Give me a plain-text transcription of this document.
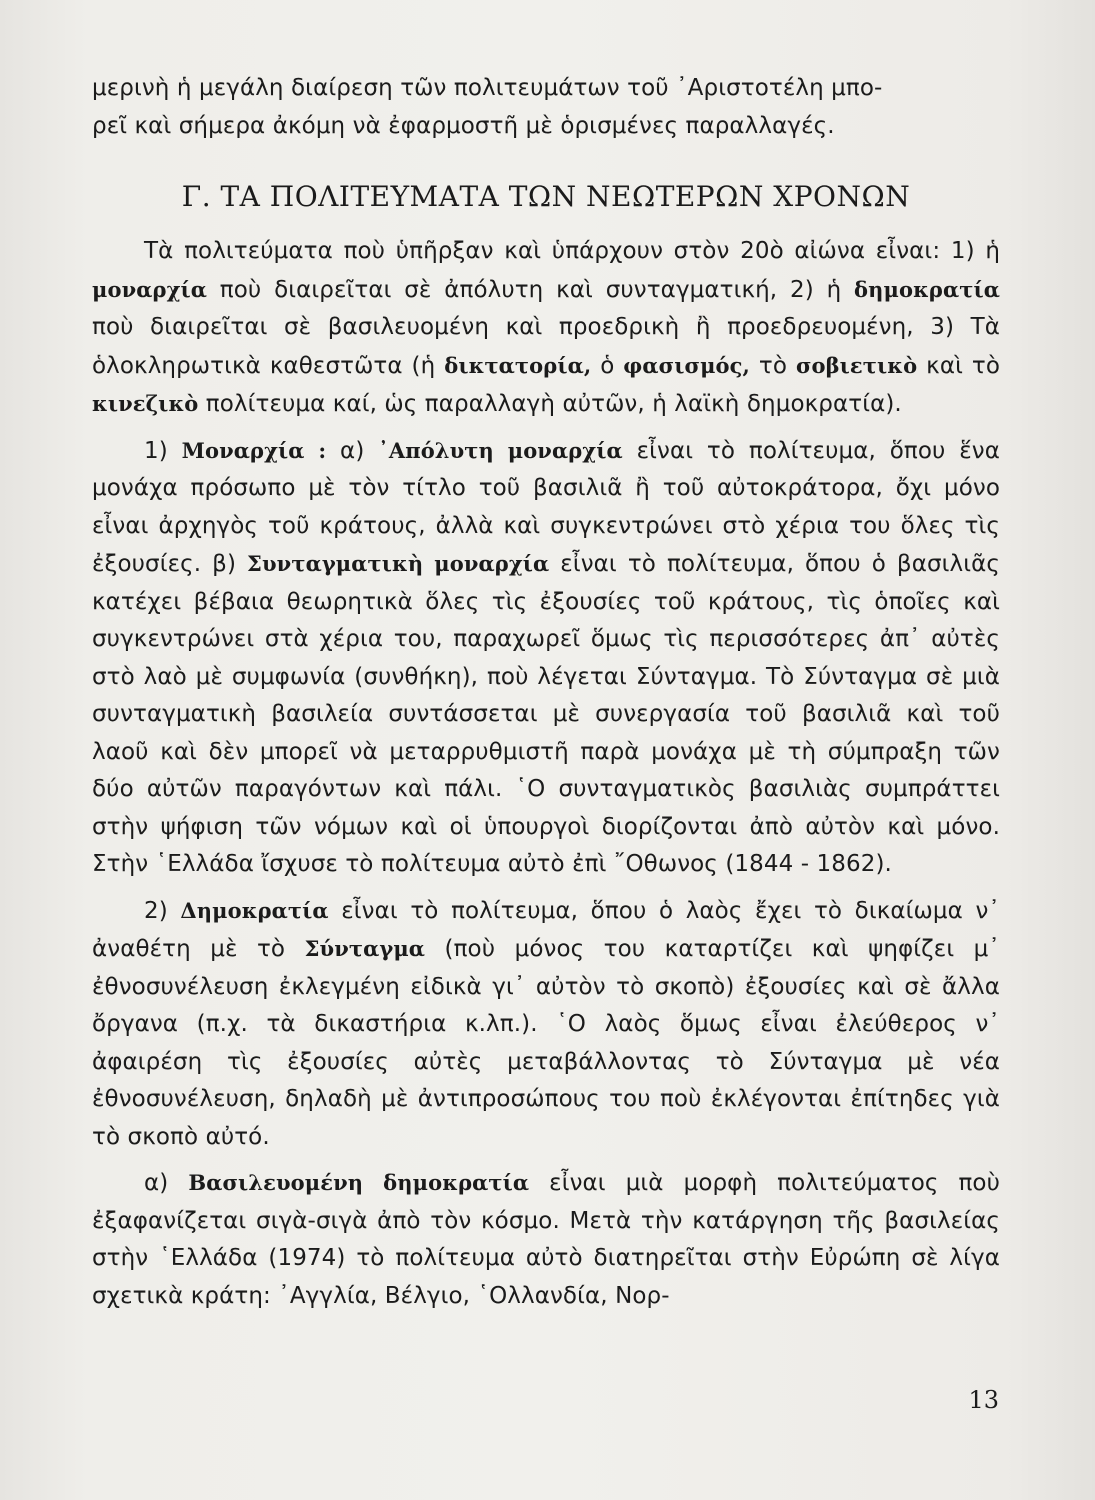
μερινὴ ἡ μεγάλη διαίρεση τῶν πολιτευμάτων τοῦ ᾿Αριστοτέλη μπο-
ρεῖ καὶ σήμερα ἀκόμη νὰ ἐφαρμοστῆ μὲ ὁρισμένες παραλλαγές.

Γ. ΤΑ ΠΟΛΙΤΕΥΜΑΤΑ ΤΩΝ ΝΕΩΤΕΡΩΝ ΧΡΟΝΩΝ

Τὰ πολιτεύματα ποὺ ὑπῆρξαν καὶ ὑπάρχουν στὸν 20ὸ αἰώνα εἶναι: 1) ἡ μοναρχία ποὺ διαιρεῖται σὲ ἀπόλυτη καὶ συνταγματική, 2) ἡ δημοκρατία ποὺ διαιρεῖται σὲ βασιλευομένη καὶ προεδρικὴ ἢ προεδρευομένη, 3) Τὰ ὁλοκληρωτικὰ καθεστῶτα (ἡ δικτατορία, ὁ φασισμός, τὸ σοβιετικὸ καὶ τὸ κινεζικὸ πολίτευμα καί, ὡς παραλλαγὴ αὐτῶν, ἡ λαϊκὴ δημοκρατία).

1) Μοναρχία : α) ᾿Απόλυτη μοναρχία εἶναι τὸ πολίτευμα, ὅπου ἕνα μονάχα πρόσωπο μὲ τὸν τίτλο τοῦ βασιλιᾶ ἢ τοῦ αὐτοκράτορα, ὄχι μόνο εἶναι ἀρχηγὸς τοῦ κράτους, ἀλλὰ καὶ συγκεντρώνει στὸ χέρια του ὅλες τὶς ἐξουσίες. β) Συνταγματικὴ μοναρχία εἶναι τὸ πολίτευμα, ὅπου ὁ βασιλιᾶς κατέχει βέβαια θεωρητικὰ ὅλες τὶς ἐξουσίες τοῦ κράτους, τὶς ὁποῖες καὶ συγκεντρώνει στὰ χέρια του, παραχωρεῖ ὅμως τὶς περισσότερες ἀπ᾿ αὐτὲς στὸ λαὸ μὲ συμφωνία (συνθήκη), ποὺ λέγεται Σύνταγμα. Τὸ Σύνταγμα σὲ μιὰ συνταγματικὴ βασιλεία συντάσσεται μὲ συνεργασία τοῦ βασιλιᾶ καὶ τοῦ λαοῦ καὶ δὲν μπορεῖ νὰ μεταρρυθμιστῆ παρὰ μονάχα μὲ τὴ σύμπραξη τῶν δύο αὐτῶν παραγόντων καὶ πάλι. ῾Ο συνταγματικὸς βασιλιὰς συμπράττει στὴν ψήφιση τῶν νόμων καὶ οἱ ὑπουργοὶ διορίζονται ἀπὸ αὐτὸν καὶ μόνο. Στὴν ῾Ελλάδα ἴσχυσε τὸ πολίτευμα αὐτὸ ἐπὶ ῎Οθωνος (1844 - 1862).

2) Δημοκρατία εἶναι τὸ πολίτευμα, ὅπου ὁ λαὸς ἔχει τὸ δικαίωμα ν᾿ ἀναθέτη μὲ τὸ Σύνταγμα (ποὺ μόνος του καταρτίζει καὶ ψηφίζει μ᾿ ἐθνοσυνέλευση ἐκλεγμένη εἰδικὰ γι᾿ αὐτὸν τὸ σκοπὸ) ἐξουσίες καὶ σὲ ἄλλα ὄργανα (π.χ. τὰ δικαστήρια κ.λπ.). ῾Ο λαὸς ὅμως εἶναι ἐλεύθερος ν᾿ ἀφαιρέση τὶς ἐξουσίες αὐτὲς μεταβάλλοντας τὸ Σύνταγμα μὲ νέα ἐθνοσυνέλευση, δηλαδὴ μὲ ἀντιπροσώπους του ποὺ ἐκλέγονται ἐπίτηδες γιὰ τὸ σκοπὸ αὐτό.

α) Βασιλευομένη δημοκρατία εἶναι μιὰ μορφὴ πολιτεύματος ποὺ ἐξαφανίζεται σιγὰ-σιγὰ ἀπὸ τὸν κόσμο. Μετὰ τὴν κατάργηση τῆς βασιλείας στὴν ῾Ελλάδα (1974) τὸ πολίτευμα αὐτὸ διατηρεῖται στὴν Εὐρώπη σὲ λίγα σχετικὰ κράτη: ᾿Αγγλία, Βέλγιο, ῾Ολλανδία, Νορ-

13
